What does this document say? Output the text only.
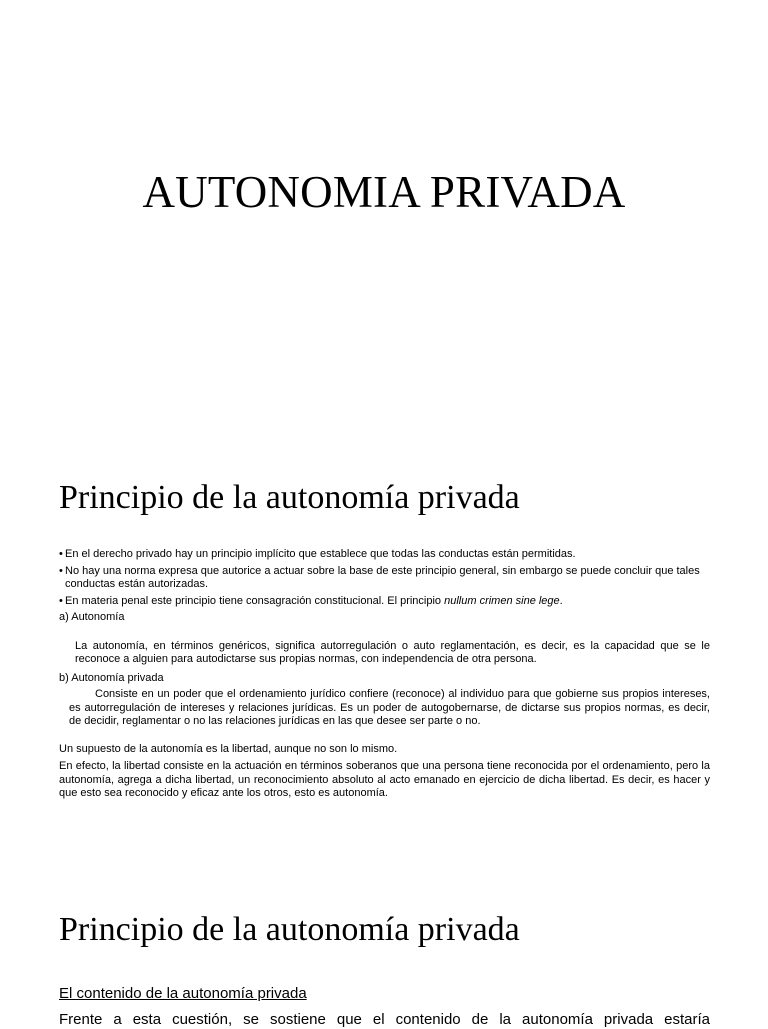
AUTONOMIA PRIVADA
Principio de la autonomía privada
• En el derecho privado hay un principio implícito que establece que todas las conductas están permitidas.
• No hay una norma expresa que autorice a actuar sobre la base de este principio general, sin embargo se puede concluir que tales conductas están autorizadas.
• En materia penal este principio tiene consagración constitucional. El principio nullum crimen sine lege.

a) Autonomía

La autonomía, en términos genéricos, significa autorregulación o auto reglamentación, es decir, es la capacidad que se le reconoce a alguien para autodictarse sus propias normas, con independencia de otra persona.

b) Autonomía privada

Consiste en un poder que el ordenamiento jurídico confiere (reconoce) al individuo para que gobierne sus propios intereses, es autorregulación de intereses y relaciones jurídicas. Es un poder de autogobernarse, de dictarse sus propios normas, es decir, de decidir, reglamentar o no las relaciones jurídicas en las que desee ser parte o no.

Un supuesto de la autonomía es la libertad, aunque no son lo mismo.

En efecto, la libertad consiste en la actuación en términos soberanos que una persona tiene reconocida por el ordenamiento, pero la autonomía, agrega a dicha libertad, un reconocimiento absoluto al acto emanado en ejercicio de dicha libertad. Es decir, es hacer y que esto sea reconocido y eficaz ante los otros, esto es autonomía.

Principio de la autonomía privada
El contenido de la autonomía privada

Frente a esta cuestión, se sostiene que el contenido de la autonomía privada estaría
